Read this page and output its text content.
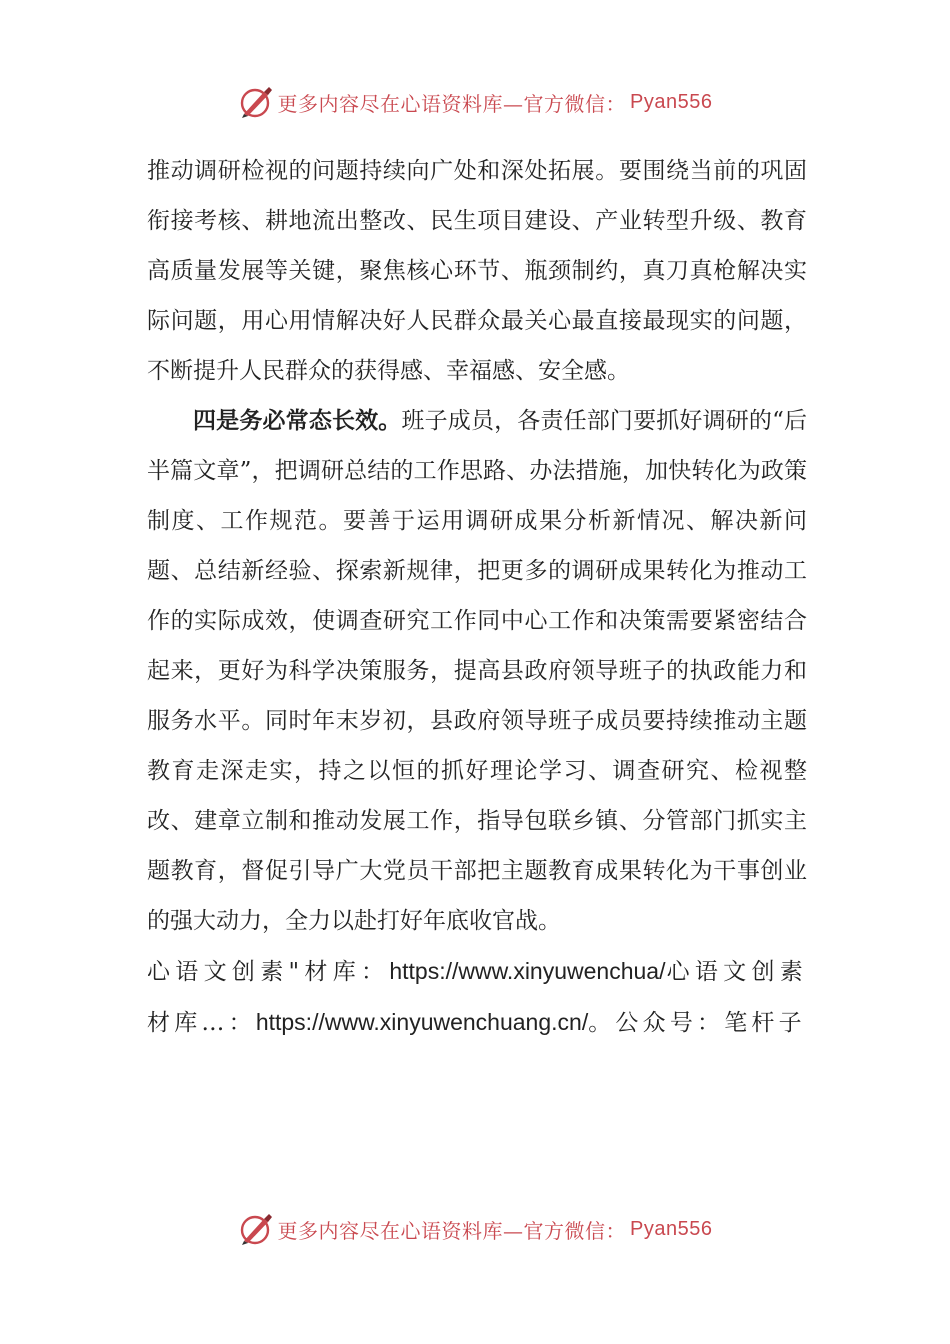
更多内容尽在心语资料库—官方微信： Pyan556

推动调研检视的问题持续向广处和深处拓展。要围绕当前的巩固衔接考核、耕地流出整改、民生项目建设、产业转型升级、教育高质量发展等关键，聚焦核心环节、瓶颈制约，真刀真枪解决实际问题，用心用情解决好人民群众最关心最直接最现实的问题，不断提升人民群众的获得感、幸福感、安全感。

四是务必常态长效。班子成员，各责任部门要抓好调研的“后半篇文章”，把调研总结的工作思路、办法措施，加快转化为政策制度、工作规范。要善于运用调研成果分析新情况、解决新问题、总结新经验、探索新规律，把更多的调研成果转化为推动工作的实际成效，使调查研究工作同中心工作和决策需要紧密结合起来，更好为科学决策服务，提高县政府领导班子的执政能力和服务水平。同时年末岁初，县政府领导班子成员要持续推动主题教育走深走实，持之以恒的抓好理论学习、调查研究、检视整改、建章立制和推动发展工作，指导包联乡镇、分管部门抓实主题教育，督促引导广大党员干部把主题教育成果转化为干事创业的强大动力，全力以赴打好年底收官战。

心语文创素"材库：https://www.xinyuwenchua/心语文创素材库…：https://www.xinyuwenchuang.cn/。公众号：笔杆子

更多内容尽在心语资料库—官方微信： Pyan556
